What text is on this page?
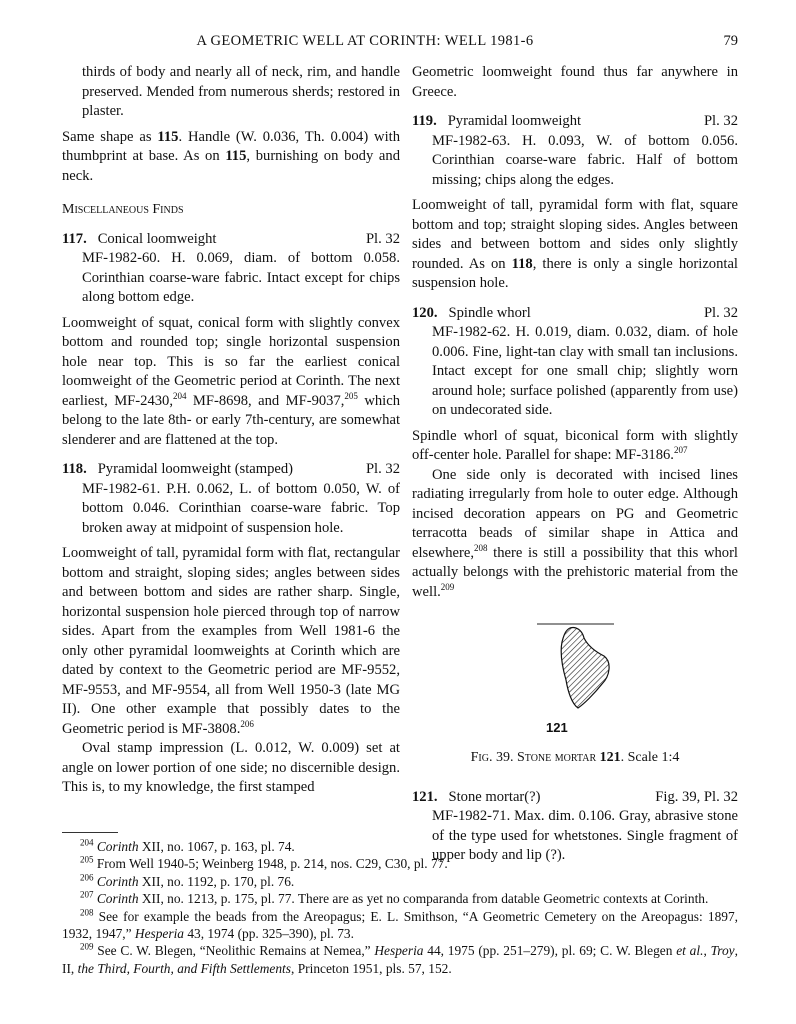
A GEOMETRIC WELL AT CORINTH: WELL 1981-6	79

thirds of body and nearly all of neck, rim, and handle preserved. Mended from numerous sherds; restored in plaster.

Same shape as 115. Handle (W. 0.036, Th. 0.004) with thumbprint at base. As on 115, burnishing on body and neck.

Miscellaneous Finds

117. Conical loomweight	Pl. 32

MF-1982-60. H. 0.069, diam. of bottom 0.058. Corinthian coarse-ware fabric. Intact except for chips along bottom edge.

Loomweight of squat, conical form with slightly convex bottom and rounded top; single horizontal suspension hole near top. This is so far the earliest conical loomweight of the Geometric period at Corinth. The next earliest, MF-2430,$^{204}$ MF-8698, and MF-9037,$^{205}$ which belong to the late 8th- or early 7th-century, are somewhat slenderer and are flattened at the top.

118. Pyramidal loomweight (stamped)	Pl. 32

MF-1982-61. P.H. 0.062, L. of bottom 0.050, W. of bottom 0.046. Corinthian coarse-ware fabric. Top broken away at midpoint of suspension hole.

Loomweight of tall, pyramidal form with flat, rectangular bottom and straight, sloping sides; angles between sides and between bottom and sides are rather sharp. Single, horizontal suspension hole pierced through top of narrow sides. Apart from the examples from Well 1981-6 the only other pyramidal loomweights at Corinth which are dated by context to the Geometric period are MF-9552, MF-9553, and MF-9554, all from Well 1950-3 (late MG II). One other example that possibly dates to the Geometric period is MF-3808.$^{206}$

Oval stamp impression (L. 0.012, W. 0.009) set at angle on lower portion of one side; no discernible design. This is, to my knowledge, the first stamped

Geometric loomweight found thus far anywhere in Greece.

119. Pyramidal loomweight	Pl. 32

MF-1982-63. H. 0.093, W. of bottom 0.056. Corinthian coarse-ware fabric. Half of bottom missing; chips along the edges.

Loomweight of tall, pyramidal form with flat, square bottom and top; straight sloping sides. Angles between sides and between bottom and sides only slightly rounded. As on 118, there is only a single horizontal suspension hole.

120. Spindle whorl	Pl. 32

MF-1982-62. H. 0.019, diam. 0.032, diam. of hole 0.006. Fine, light-tan clay with small tan inclusions. Intact except for one small chip; slightly worn around hole; surface polished (apparently from use) on undecorated side.

Spindle whorl of squat, biconical form with slightly off-center hole. Parallel for shape: MF-3186.$^{207}$

One side only is decorated with incised lines radiating irregularly from hole to outer edge. Although incised decoration appears on PG and Geometric terracotta beads of similar shape in Attica and elsewhere,$^{208}$ there is still a possibility that this whorl actually belongs with the prehistoric material from the well.$^{209}$

121

Fig. 39. Stone mortar 121. Scale 1:4

121. Stone mortar(?)	Fig. 39, Pl. 32

MF-1982-71. Max. dim. 0.106. Gray, abrasive stone of the type used for whetstones. Single fragment of upper body and lip (?).

$^{204}$ Corinth XII, no. 1067, p. 163, pl. 74.

$^{205}$ From Well 1940-5; Weinberg 1948, p. 214, nos. C29, C30, pl. 77.

$^{206}$ Corinth XII, no. 1192, p. 170, pl. 76.

$^{207}$ Corinth XII, no. 1213, p. 175, pl. 77. There are as yet no comparanda from datable Geometric contexts at Corinth.

$^{208}$ See for example the beads from the Areopagus; E. L. Smithson, “A Geometric Cemetery on the Areopagus: 1897, 1932, 1947,” Hesperia 43, 1974 (pp. 325–390), pl. 73.

$^{209}$ See C. W. Blegen, “Neolithic Remains at Nemea,” Hesperia 44, 1975 (pp. 251–279), pl. 69; C. W. Blegen et al., Troy, II, the Third, Fourth, and Fifth Settlements, Princeton 1951, pls. 57, 152.
